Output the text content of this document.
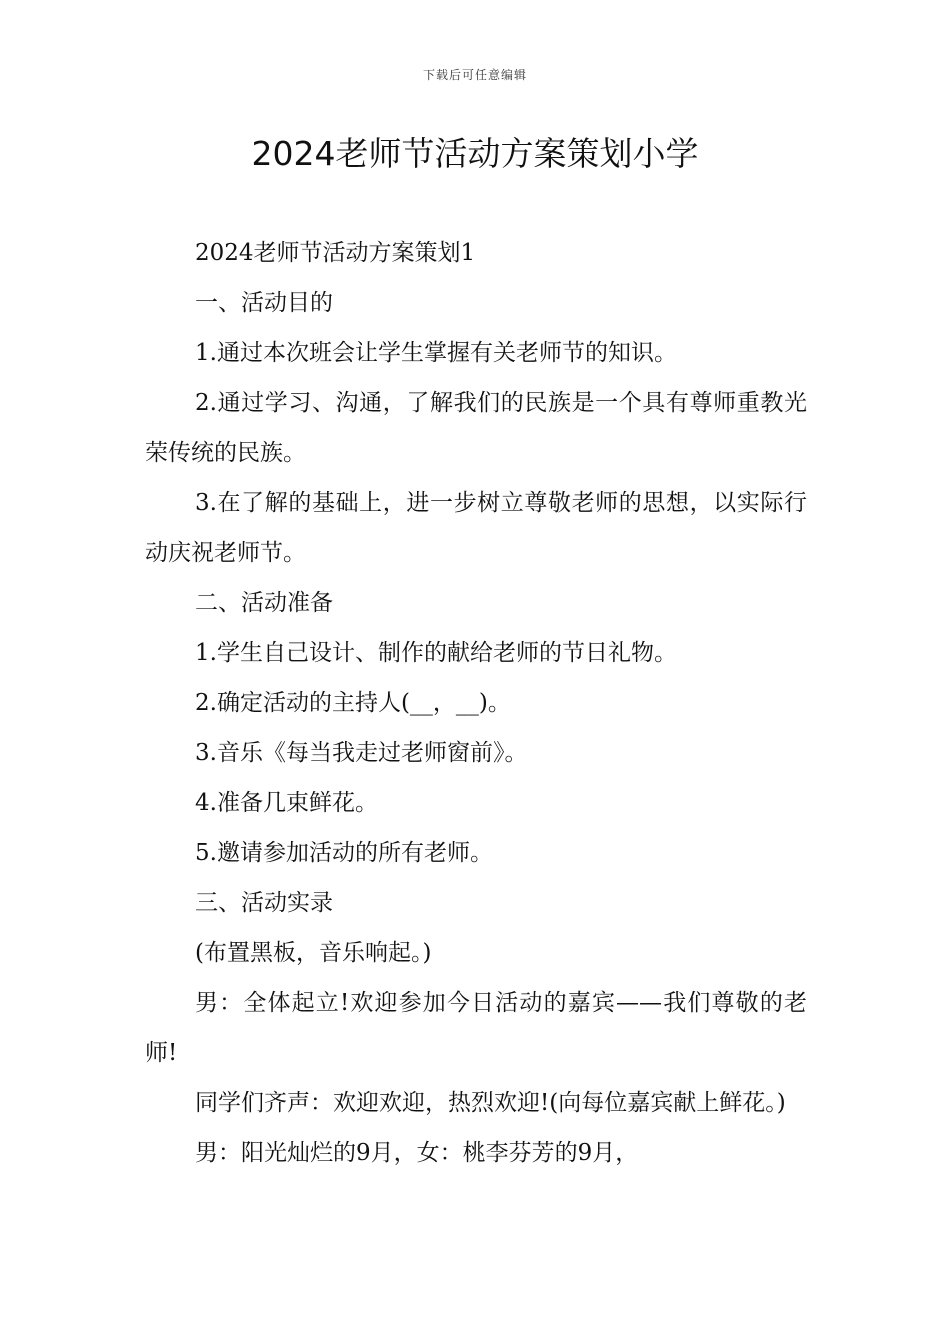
下载后可任意编辑
2024老师节活动方案策划小学

2024老师节活动方案策划1

一、活动目的

1.通过本次班会让学生掌握有关老师节的知识。

2.通过学习、沟通，了解我们的民族是一个具有尊师重教光荣传统的民族。

3.在了解的基础上，进一步树立尊敬老师的思想，以实际行动庆祝老师节。

二、活动准备

1.学生自己设计、制作的献给老师的节日礼物。

2.确定活动的主持人(__，__)。

3.音乐《每当我走过老师窗前》。

4.准备几束鲜花。

5.邀请参加活动的所有老师。

三、活动实录

(布置黑板，音乐响起。)

男：全体起立!欢迎参加今日活动的嘉宾——我们尊敬的老师!

同学们齐声：欢迎欢迎，热烈欢迎!(向每位嘉宾献上鲜花。)

男：阳光灿烂的9月，女：桃李芬芳的9月，
